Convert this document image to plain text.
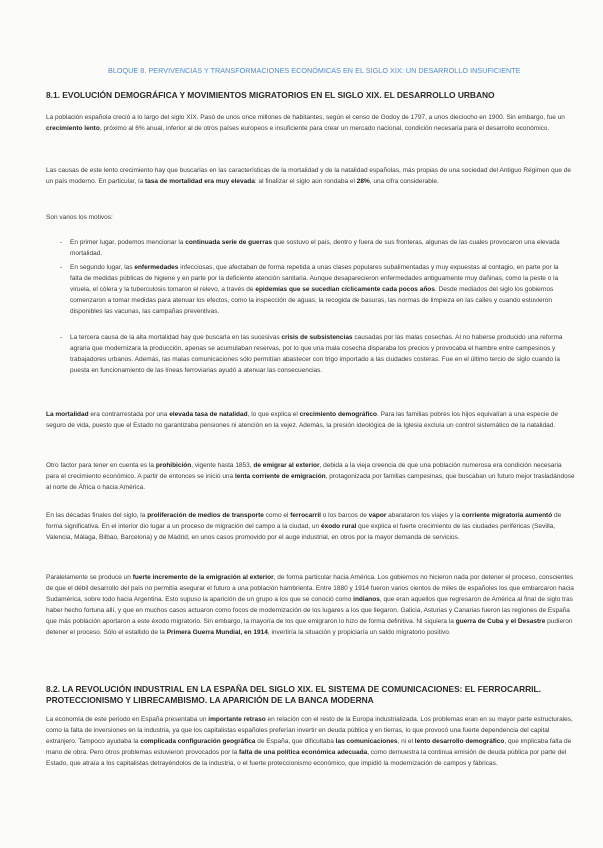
BLOQUE 8. PERVIVENCIAS Y TRANSFORMACIONES ECONÓMICAS EN EL SIGLO XIX: UN DESARROLLO INSUFICIENTE
8.1. EVOLUCIÓN DEMOGRÁFICA Y MOVIMIENTOS MIGRATORIOS EN EL SIGLO XIX. EL DESARROLLO URBANO

La población española creció a lo largo del siglo XIX. Pasó de unos once millones de habitantes, según el censo de Godoy de 1797, a unos dieciocho en 1900. Sin embargo, fue un crecimiento lento, próximo al 6% anual, inferior al de otros países europeos e insuficiente para crear un mercado nacional, condición necesaria para el desarrollo económico.

Las causas de este lento crecimiento hay que buscarlas en las características de la mortalidad y de la natalidad españolas, más propias de una sociedad del Antiguo Régimen que de un país moderno. En particular, la tasa de mortalidad era muy elevada: al finalizar el siglo aún rondaba el 28%, una cifra considerable.

Son varios los motivos:

- En primer lugar, podemos mencionar la continuada serie de guerras que sostuvo el país, dentro y fuera de sus fronteras, algunas de las cuales provocaron una elevada mortalidad.
- En segundo lugar, las enfermedades infecciosas, que afectaban de forma repetida a unas clases populares subalimentadas y muy expuestas al contagio, en parte por la falta de medidas públicas de higiene y en parte por la deficiente atención sanitaria. Aunque desaparecieron enfermedades antiguamente muy dañinas, como la peste o la viruela, el cólera y la tuberculosis tomaron el relevo, a través de epidemias que se sucedían cíclicamente cada pocos años. Desde mediados del siglo los gobiernos comenzaron a tomar medidas para atenuar los efectos, como la inspección de aguas, la recogida de basuras, las normas de limpieza en las calles y cuando estuvieron disponibles las vacunas, las campañas preventivas.
- La tercera causa de la alta mortalidad hay que buscarla en las sucesivas crisis de subsistencias causadas por las malas cosechas. Al no haberse producido una reforma agraria que modernizara la producción, apenas se acumulaban reservas, por lo que una mala cosecha disparaba los precios y provocaba el hambre entre campesinos y trabajadores urbanos. Además, las malas comunicaciones sólo permitían abastecer con trigo importado a las ciudades costeras. Fue en el último tercio de siglo cuando la puesta en funcionamiento de las líneas ferroviarias ayudó a atenuar las consecuencias.

La mortalidad era contrarrestada por una elevada tasa de natalidad, lo que explica el crecimiento demográfico. Para las familias pobres los hijos equivalían a una especie de seguro de vida, puesto que el Estado no garantizaba pensiones ni atención en la vejez. Además, la presión ideológica de la Iglesia excluía un control sistemático de la natalidad.

Otro factor para tener en cuenta es la prohibición, vigente hasta 1853, de emigrar al exterior, debida a la vieja creencia de que una población numerosa era condición necesaria para el crecimiento económico. A partir de entonces se inició una lenta corriente de emigración, protagonizada por familias campesinas, que buscaban un futuro mejor trasladándose al norte de África o hacia América.

En las décadas finales del siglo, la proliferación de medios de transporte como el ferrocarril o los barcos de vapor abarataron los viajes y la corriente migratoria aumentó de forma significativa. En el interior dio lugar a un proceso de migración del campo a la ciudad, un éxodo rural que explica el fuerte crecimiento de las ciudades periféricas (Sevilla, Valencia, Málaga, Bilbao, Barcelona) y de Madrid, en unos casos promovido por el auge industrial, en otros por la mayor demanda de servicios.

Paralelamente se produce un fuerte incremento de la emigración al exterior, de forma particular hacia América. Los gobiernos no hicieron nada por detener el proceso, conscientes de que el débil desarrollo del país no permitía asegurar el futuro a una población hambrienta. Entre 1880 y 1914 fueron varios cientos de miles de españoles los que embarcaron hacia Sudamérica, sobre todo hacia Argentina. Esto supuso la aparición de un grupo a los que se conoció como indianos, que eran aquellos que regresaron de América al final de siglo tras haber hecho fortuna allí, y que en muchos casos actuaron como focos de modernización de los lugares a los que llegaron. Galicia, Asturias y Canarias fueron las regiones de España que más población aportaron a este éxodo migratorio. Sin embargo, la mayoría de los que emigraron lo hizo de forma definitiva. Ni siquiera la guerra de Cuba y el Desastre pudieron detener el proceso. Sólo el estallido de la Primera Guerra Mundial, en 1914, invertiría la situación y propiciaría un saldo migratorio positivo.

8.2. LA REVOLUCIÓN INDUSTRIAL EN LA ESPAÑA DEL SIGLO XIX. EL SISTEMA DE COMUNICACIONES: EL FERROCARRIL. PROTECCIONISMO Y LIBRECAMBISMO. LA APARICIÓN DE LA BANCA MODERNA

La economía de este periodo en España presentaba un importante retraso en relación con el resto de la Europa industrializada. Los problemas eran en su mayor parte estructurales, como la falta de inversiones en la industria, ya que los capitalistas españoles preferían invertir en deuda pública y en tierras, lo que provocó una fuerte dependencia del capital extranjero. Tampoco ayudaba la complicada configuración geográfica de España, que dificultaba las comunicaciones, ni el lento desarrollo demográfico, que implicaba falta de mano de obra. Pero otros problemas estuvieron provocados por la falta de una política económica adecuada, como demuestra la continua emisión de deuda pública por parte del Estado, que atraía a los capitalistas detrayéndolos de la industria, o el fuerte proteccionismo económico, que impidió la modernización de campos y fábricas.
